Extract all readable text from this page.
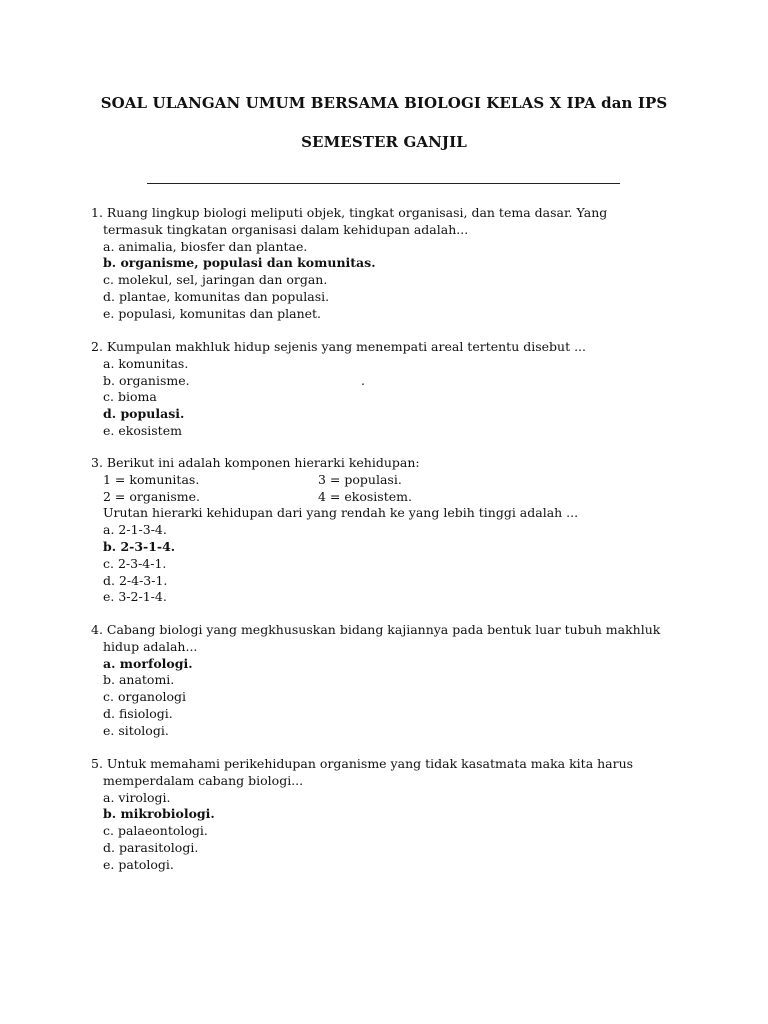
SOAL ULANGAN UMUM BERSAMA BIOLOGI KELAS X IPA dan IPS
SEMESTER GANJIL
1. Ruang lingkup biologi meliputi objek, tingkat organisasi, dan tema dasar. Yang
termasuk tingkatan organisasi dalam kehidupan adalah...
a. animalia, biosfer dan plantae.
b. organisme, populasi dan komunitas.
c. molekul, sel, jaringan dan organ.
d. plantae, komunitas dan populasi.
e. populasi, komunitas dan planet.
2. Kumpulan makhluk hidup sejenis yang menempati areal tertentu disebut ...
a. komunitas.
b. organisme.	.
c. bioma
d. populasi.
e. ekosistem
3. Berikut ini adalah komponen hierarki kehidupan:
1 = komunitas.	3 = populasi.
2 = organisme.	4 = ekosistem.
Urutan hierarki kehidupan dari yang rendah ke yang lebih tinggi adalah ...
a. 2-1-3-4.
b. 2-3-1-4.
c. 2-3-4-1.
d. 2-4-3-1.
e. 3-2-1-4.
4. Cabang biologi yang megkhususkan bidang kajiannya pada bentuk luar tubuh makhluk
hidup adalah...
a. morfologi.
b. anatomi.
c. organologi
d. fisiologi.
e. sitologi.
5. Untuk memahami perikehidupan organisme yang tidak kasatmata maka kita harus
memperdalam cabang biologi...
a. virologi.
b. mikrobiologi.
c. palaeontologi.
d. parasitologi.
e. patologi.
